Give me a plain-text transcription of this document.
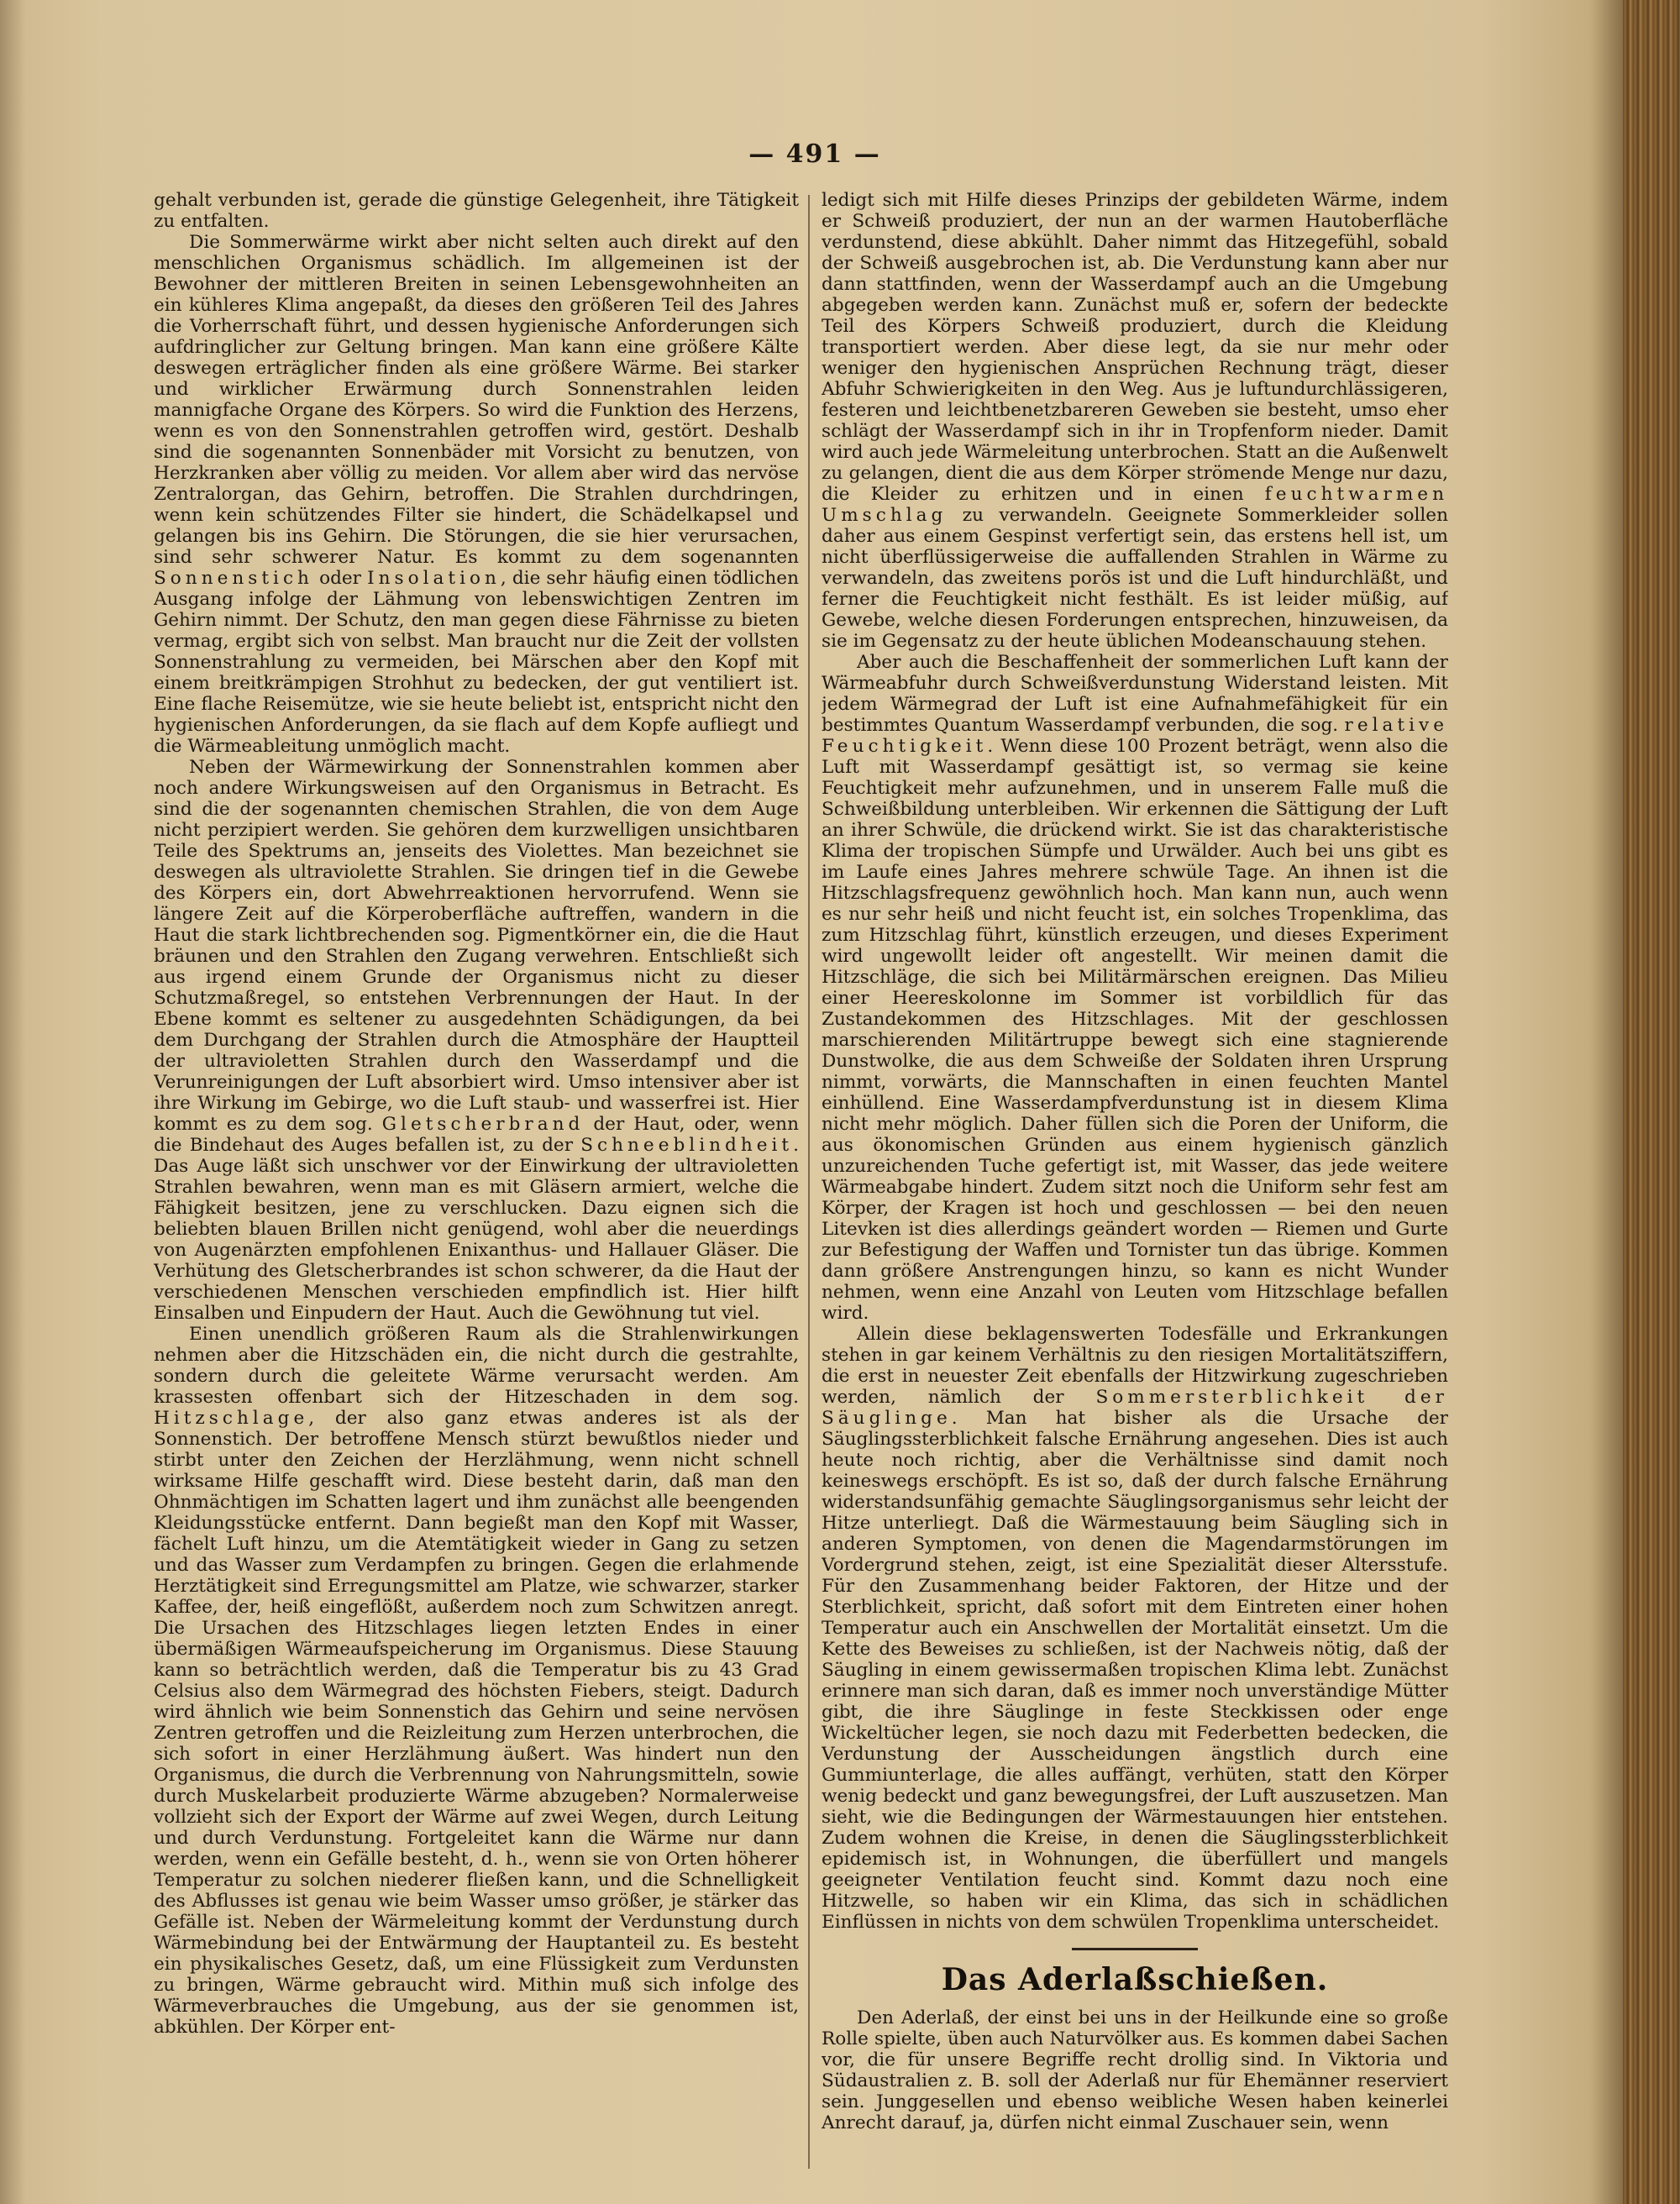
— 491 —

gehalt verbunden ist, gerade die günstige Gelegenheit, ihre Tätigkeit zu entfalten.

Die Sommerwärme wirkt aber nicht selten auch direkt auf den menschlichen Organismus schädlich. Im allgemeinen ist der Bewohner der mittleren Breiten in seinen Lebensgewohnheiten an ein kühleres Klima angepaßt, da dieses den größeren Teil des Jahres die Vorherrschaft führt, und dessen hygienische Anforderungen sich aufdringlicher zur Geltung bringen. Man kann eine größere Kälte deswegen erträglicher finden als eine größere Wärme. Bei starker und wirklicher Erwärmung durch Sonnenstrahlen leiden mannigfache Organe des Körpers. So wird die Funktion des Herzens, wenn es von den Sonnenstrahlen getroffen wird, gestört. Deshalb sind die sogenannten Sonnenbäder mit Vorsicht zu benutzen, von Herzkranken aber völlig zu meiden. Vor allem aber wird das nervöse Zentralorgan, das Gehirn, betroffen. Die Strahlen durchdringen, wenn kein schützendes Filter sie hindert, die Schädelkapsel und gelangen bis ins Gehirn. Die Störungen, die sie hier verursachen, sind sehr schwerer Natur. Es kommt zu dem sogenannten Sonnenstich oder Insolation, die sehr häufig einen tödlichen Ausgang infolge der Lähmung von lebenswichtigen Zentren im Gehirn nimmt. Der Schutz, den man gegen diese Fährnisse zu bieten vermag, ergibt sich von selbst. Man braucht nur die Zeit der vollsten Sonnenstrahlung zu vermeiden, bei Märschen aber den Kopf mit einem breitkrämpigen Strohhut zu bedecken, der gut ventiliert ist. Eine flache Reisemütze, wie sie heute beliebt ist, entspricht nicht den hygienischen Anforderungen, da sie flach auf dem Kopfe aufliegt und die Wärmeableitung unmöglich macht.

Neben der Wärmewirkung der Sonnenstrahlen kommen aber noch andere Wirkungsweisen auf den Organismus in Betracht. Es sind die der sogenannten chemischen Strahlen, die von dem Auge nicht perzipiert werden. Sie gehören dem kurzwelligen unsichtbaren Teile des Spektrums an, jenseits des Violettes. Man bezeichnet sie deswegen als ultraviolette Strahlen. Sie dringen tief in die Gewebe des Körpers ein, dort Abwehrreaktionen hervorrufend. Wenn sie längere Zeit auf die Körperoberfläche auftreffen, wandern in die Haut die stark lichtbrechenden sog. Pigmentkörner ein, die die Haut bräunen und den Strahlen den Zugang verwehren. Entschließt sich aus irgend einem Grunde der Organismus nicht zu dieser Schutzmaßregel, so entstehen Verbrennungen der Haut. In der Ebene kommt es seltener zu ausgedehnten Schädigungen, da bei dem Durchgang der Strahlen durch die Atmosphäre der Hauptteil der ultravioletten Strahlen durch den Wasserdampf und die Verunreinigungen der Luft absorbiert wird. Umso intensiver aber ist ihre Wirkung im Gebirge, wo die Luft staub- und wasserfrei ist. Hier kommt es zu dem sog. Gletscherbrand der Haut, oder, wenn die Bindehaut des Auges befallen ist, zu der Schneeblindheit. Das Auge läßt sich unschwer vor der Einwirkung der ultravioletten Strahlen bewahren, wenn man es mit Gläsern armiert, welche die Fähigkeit besitzen, jene zu verschlucken. Dazu eignen sich die beliebten blauen Brillen nicht genügend, wohl aber die neuerdings von Augenärzten empfohlenen Enixanthus- und Hallauer Gläser. Die Verhütung des Gletscherbrandes ist schon schwerer, da die Haut der verschiedenen Menschen verschieden empfindlich ist. Hier hilft Einsalben und Einpudern der Haut. Auch die Gewöhnung tut viel.

Einen unendlich größeren Raum als die Strahlenwirkungen nehmen aber die Hitzschäden ein, die nicht durch die gestrahlte, sondern durch die geleitete Wärme verursacht werden. Am krassesten offenbart sich der Hitzeschaden in dem sog. Hitzschlage, der also ganz etwas anderes ist als der Sonnenstich. Der betroffene Mensch stürzt bewußtlos nieder und stirbt unter den Zeichen der Herzlähmung, wenn nicht schnell wirksame Hilfe geschafft wird. Diese besteht darin, daß man den Ohnmächtigen im Schatten lagert und ihm zunächst alle beengenden Kleidungsstücke entfernt. Dann begießt man den Kopf mit Wasser, fächelt Luft hinzu, um die Atemtätigkeit wieder in Gang zu setzen und das Wasser zum Verdampfen zu bringen. Gegen die erlahmende Herztätigkeit sind Erregungsmittel am Platze, wie schwarzer, starker Kaffee, der, heiß eingeflößt, außerdem noch zum Schwitzen anregt. Die Ursachen des Hitzschlages liegen letzten Endes in einer übermäßigen Wärmeaufspeicherung im Organismus. Diese Stauung kann so beträchtlich werden, daß die Temperatur bis zu 43 Grad Celsius also dem Wärmegrad des höchsten Fiebers, steigt. Dadurch wird ähnlich wie beim Sonnenstich das Gehirn und seine nervösen Zentren getroffen und die Reizleitung zum Herzen unterbrochen, die sich sofort in einer Herzlähmung äußert. Was hindert nun den Organismus, die durch die Verbrennung von Nahrungsmitteln, sowie durch Muskelarbeit produzierte Wärme abzugeben? Normalerweise vollzieht sich der Export der Wärme auf zwei Wegen, durch Leitung und durch Verdunstung. Fortgeleitet kann die Wärme nur dann werden, wenn ein Gefälle besteht, d. h., wenn sie von Orten höherer Temperatur zu solchen niederer fließen kann, und die Schnelligkeit des Abflusses ist genau wie beim Wasser umso größer, je stärker das Gefälle ist. Neben der Wärmeleitung kommt der Verdunstung durch Wärmebindung bei der Entwärmung der Hauptanteil zu. Es besteht ein physikalisches Gesetz, daß, um eine Flüssigkeit zum Verdunsten zu bringen, Wärme gebraucht wird. Mithin muß sich infolge des Wärmeverbrauches die Umgebung, aus der sie genommen ist, abkühlen. Der Körper ent-

ledigt sich mit Hilfe dieses Prinzips der gebildeten Wärme, indem er Schweiß produziert, der nun an der warmen Hautoberfläche verdunstend, diese abkühlt. Daher nimmt das Hitzegefühl, sobald der Schweiß ausgebrochen ist, ab. Die Verdunstung kann aber nur dann stattfinden, wenn der Wasserdampf auch an die Umgebung abgegeben werden kann. Zunächst muß er, sofern der bedeckte Teil des Körpers Schweiß produziert, durch die Kleidung transportiert werden. Aber diese legt, da sie nur mehr oder weniger den hygienischen Ansprüchen Rechnung trägt, dieser Abfuhr Schwierigkeiten in den Weg. Aus je luftundurchlässigeren, festeren und leichtbenetzbareren Geweben sie besteht, umso eher schlägt der Wasserdampf sich in ihr in Tropfenform nieder. Damit wird auch jede Wärmeleitung unterbrochen. Statt an die Außenwelt zu gelangen, dient die aus dem Körper strömende Menge nur dazu, die Kleider zu erhitzen und in einen feuchtwarmen Umschlag zu verwandeln. Geeignete Sommerkleider sollen daher aus einem Gespinst verfertigt sein, das erstens hell ist, um nicht überflüssigerweise die auffallenden Strahlen in Wärme zu verwandeln, das zweitens porös ist und die Luft hindurchläßt, und ferner die Feuchtigkeit nicht festhält. Es ist leider müßig, auf Gewebe, welche diesen Forderungen entsprechen, hinzuweisen, da sie im Gegensatz zu der heute üblichen Modeanschauung stehen.

Aber auch die Beschaffenheit der sommerlichen Luft kann der Wärmeabfuhr durch Schweißverdunstung Widerstand leisten. Mit jedem Wärmegrad der Luft ist eine Aufnahmefähigkeit für ein bestimmtes Quantum Wasserdampf verbunden, die sog. relative Feuchtigkeit. Wenn diese 100 Prozent beträgt, wenn also die Luft mit Wasserdampf gesättigt ist, so vermag sie keine Feuchtigkeit mehr aufzunehmen, und in unserem Falle muß die Schweißbildung unterbleiben. Wir erkennen die Sättigung der Luft an ihrer Schwüle, die drückend wirkt. Sie ist das charakteristische Klima der tropischen Sümpfe und Urwälder. Auch bei uns gibt es im Laufe eines Jahres mehrere schwüle Tage. An ihnen ist die Hitzschlagsfrequenz gewöhnlich hoch. Man kann nun, auch wenn es nur sehr heiß und nicht feucht ist, ein solches Tropenklima, das zum Hitzschlag führt, künstlich erzeugen, und dieses Experiment wird ungewollt leider oft angestellt. Wir meinen damit die Hitzschläge, die sich bei Militärmärschen ereignen. Das Milieu einer Heereskolonne im Sommer ist vorbildlich für das Zustandekommen des Hitzschlages. Mit der geschlossen marschierenden Militärtruppe bewegt sich eine stagnierende Dunstwolke, die aus dem Schweiße der Soldaten ihren Ursprung nimmt, vorwärts, die Mannschaften in einen feuchten Mantel einhüllend. Eine Wasserdampfverdunstung ist in diesem Klima nicht mehr möglich. Daher füllen sich die Poren der Uniform, die aus ökonomischen Gründen aus einem hygienisch gänzlich unzureichenden Tuche gefertigt ist, mit Wasser, das jede weitere Wärmeabgabe hindert. Zudem sitzt noch die Uniform sehr fest am Körper, der Kragen ist hoch und geschlossen — bei den neuen Litevken ist dies allerdings geändert worden — Riemen und Gurte zur Befestigung der Waffen und Tornister tun das übrige. Kommen dann größere Anstrengungen hinzu, so kann es nicht Wunder nehmen, wenn eine Anzahl von Leuten vom Hitzschlage befallen wird.

Allein diese beklagenswerten Todesfälle und Erkrankungen stehen in gar keinem Verhältnis zu den riesigen Mortalitätsziffern, die erst in neuester Zeit ebenfalls der Hitzwirkung zugeschrieben werden, nämlich der Sommersterblichkeit der Säuglinge. Man hat bisher als die Ursache der Säuglingssterblichkeit falsche Ernährung angesehen. Dies ist auch heute noch richtig, aber die Verhältnisse sind damit noch keineswegs erschöpft. Es ist so, daß der durch falsche Ernährung widerstandsunfähig gemachte Säuglingsorganismus sehr leicht der Hitze unterliegt. Daß die Wärmestauung beim Säugling sich in anderen Symptomen, von denen die Magendarmstörungen im Vordergrund stehen, zeigt, ist eine Spezialität dieser Altersstufe. Für den Zusammenhang beider Faktoren, der Hitze und der Sterblichkeit, spricht, daß sofort mit dem Eintreten einer hohen Temperatur auch ein Anschwellen der Mortalität einsetzt. Um die Kette des Beweises zu schließen, ist der Nachweis nötig, daß der Säugling in einem gewissermaßen tropischen Klima lebt. Zunächst erinnere man sich daran, daß es immer noch unverständige Mütter gibt, die ihre Säuglinge in feste Steckkissen oder enge Wickeltücher legen, sie noch dazu mit Federbetten bedecken, die Verdunstung der Ausscheidungen ängstlich durch eine Gummiunterlage, die alles auffängt, verhüten, statt den Körper wenig bedeckt und ganz bewegungsfrei, der Luft auszusetzen. Man sieht, wie die Bedingungen der Wärmestauungen hier entstehen. Zudem wohnen die Kreise, in denen die Säuglingssterblichkeit epidemisch ist, in Wohnungen, die überfüllert und mangels geeigneter Ventilation feucht sind. Kommt dazu noch eine Hitzwelle, so haben wir ein Klima, das sich in schädlichen Einflüssen in nichts von dem schwülen Tropenklima unterscheidet.

Das Aderlaßschießen.

Den Aderlaß, der einst bei uns in der Heilkunde eine so große Rolle spielte, üben auch Naturvölker aus. Es kommen dabei Sachen vor, die für unsere Begriffe recht drollig sind. In Viktoria und Südaustralien z. B. soll der Aderlaß nur für Ehemänner reserviert sein. Junggesellen und ebenso weibliche Wesen haben keinerlei Anrecht darauf, ja, dürfen nicht einmal Zuschauer sein, wenn
